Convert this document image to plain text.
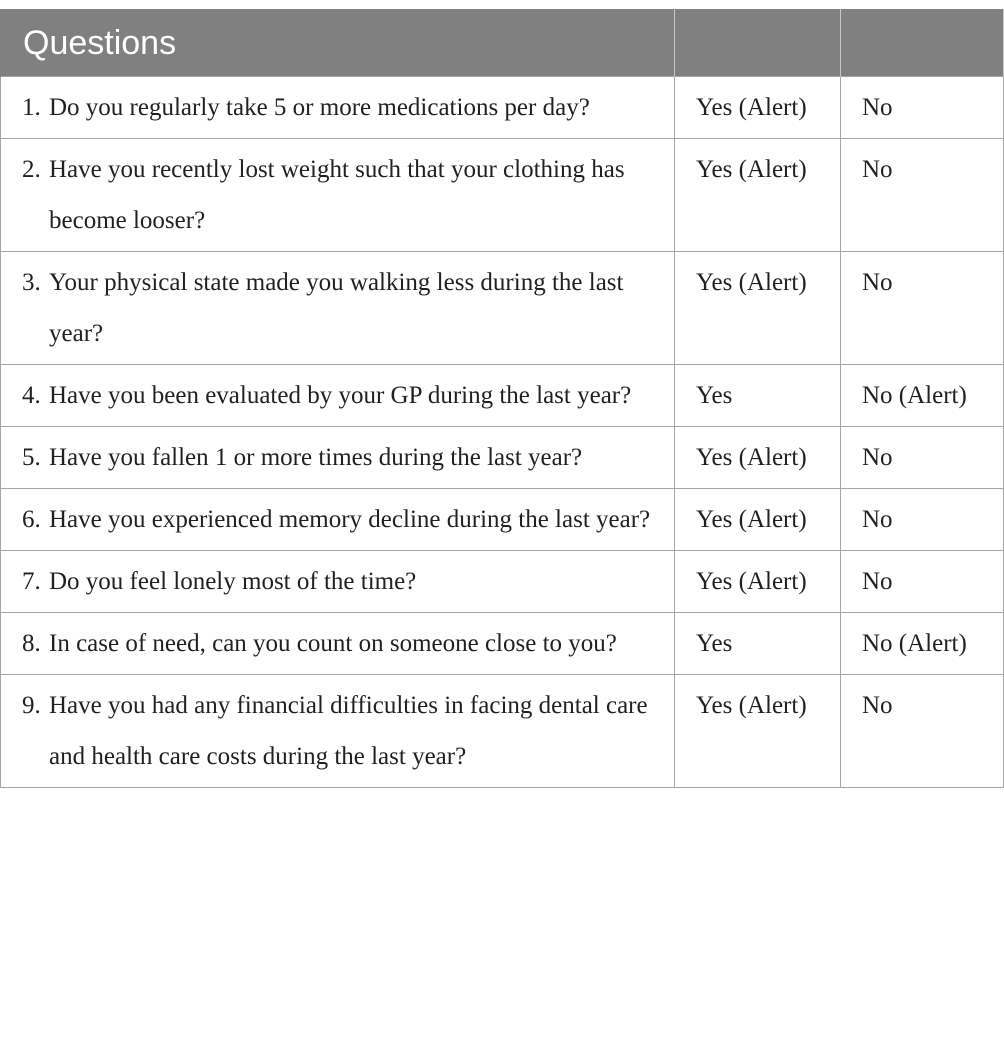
Questions		

1. Do you regularly take 5 or more medications per day?	Yes (Alert)	No

2. Have you recently lost weight such that your clothing has become looser?	Yes (Alert)	No

3. Your physical state made you walking less during the last year?	Yes (Alert)	No

4. Have you been evaluated by your GP during the last year?	Yes	No (Alert)

5. Have you fallen 1 or more times during the last year?	Yes (Alert)	No

6. Have you experienced memory decline during the last year?	Yes (Alert)	No

7. Do you feel lonely most of the time?	Yes (Alert)	No

8. In case of need, can you count on someone close to you?	Yes	No (Alert)

9. Have you had any financial difficulties in facing dental care and health care costs during the last year?	Yes (Alert)	No
